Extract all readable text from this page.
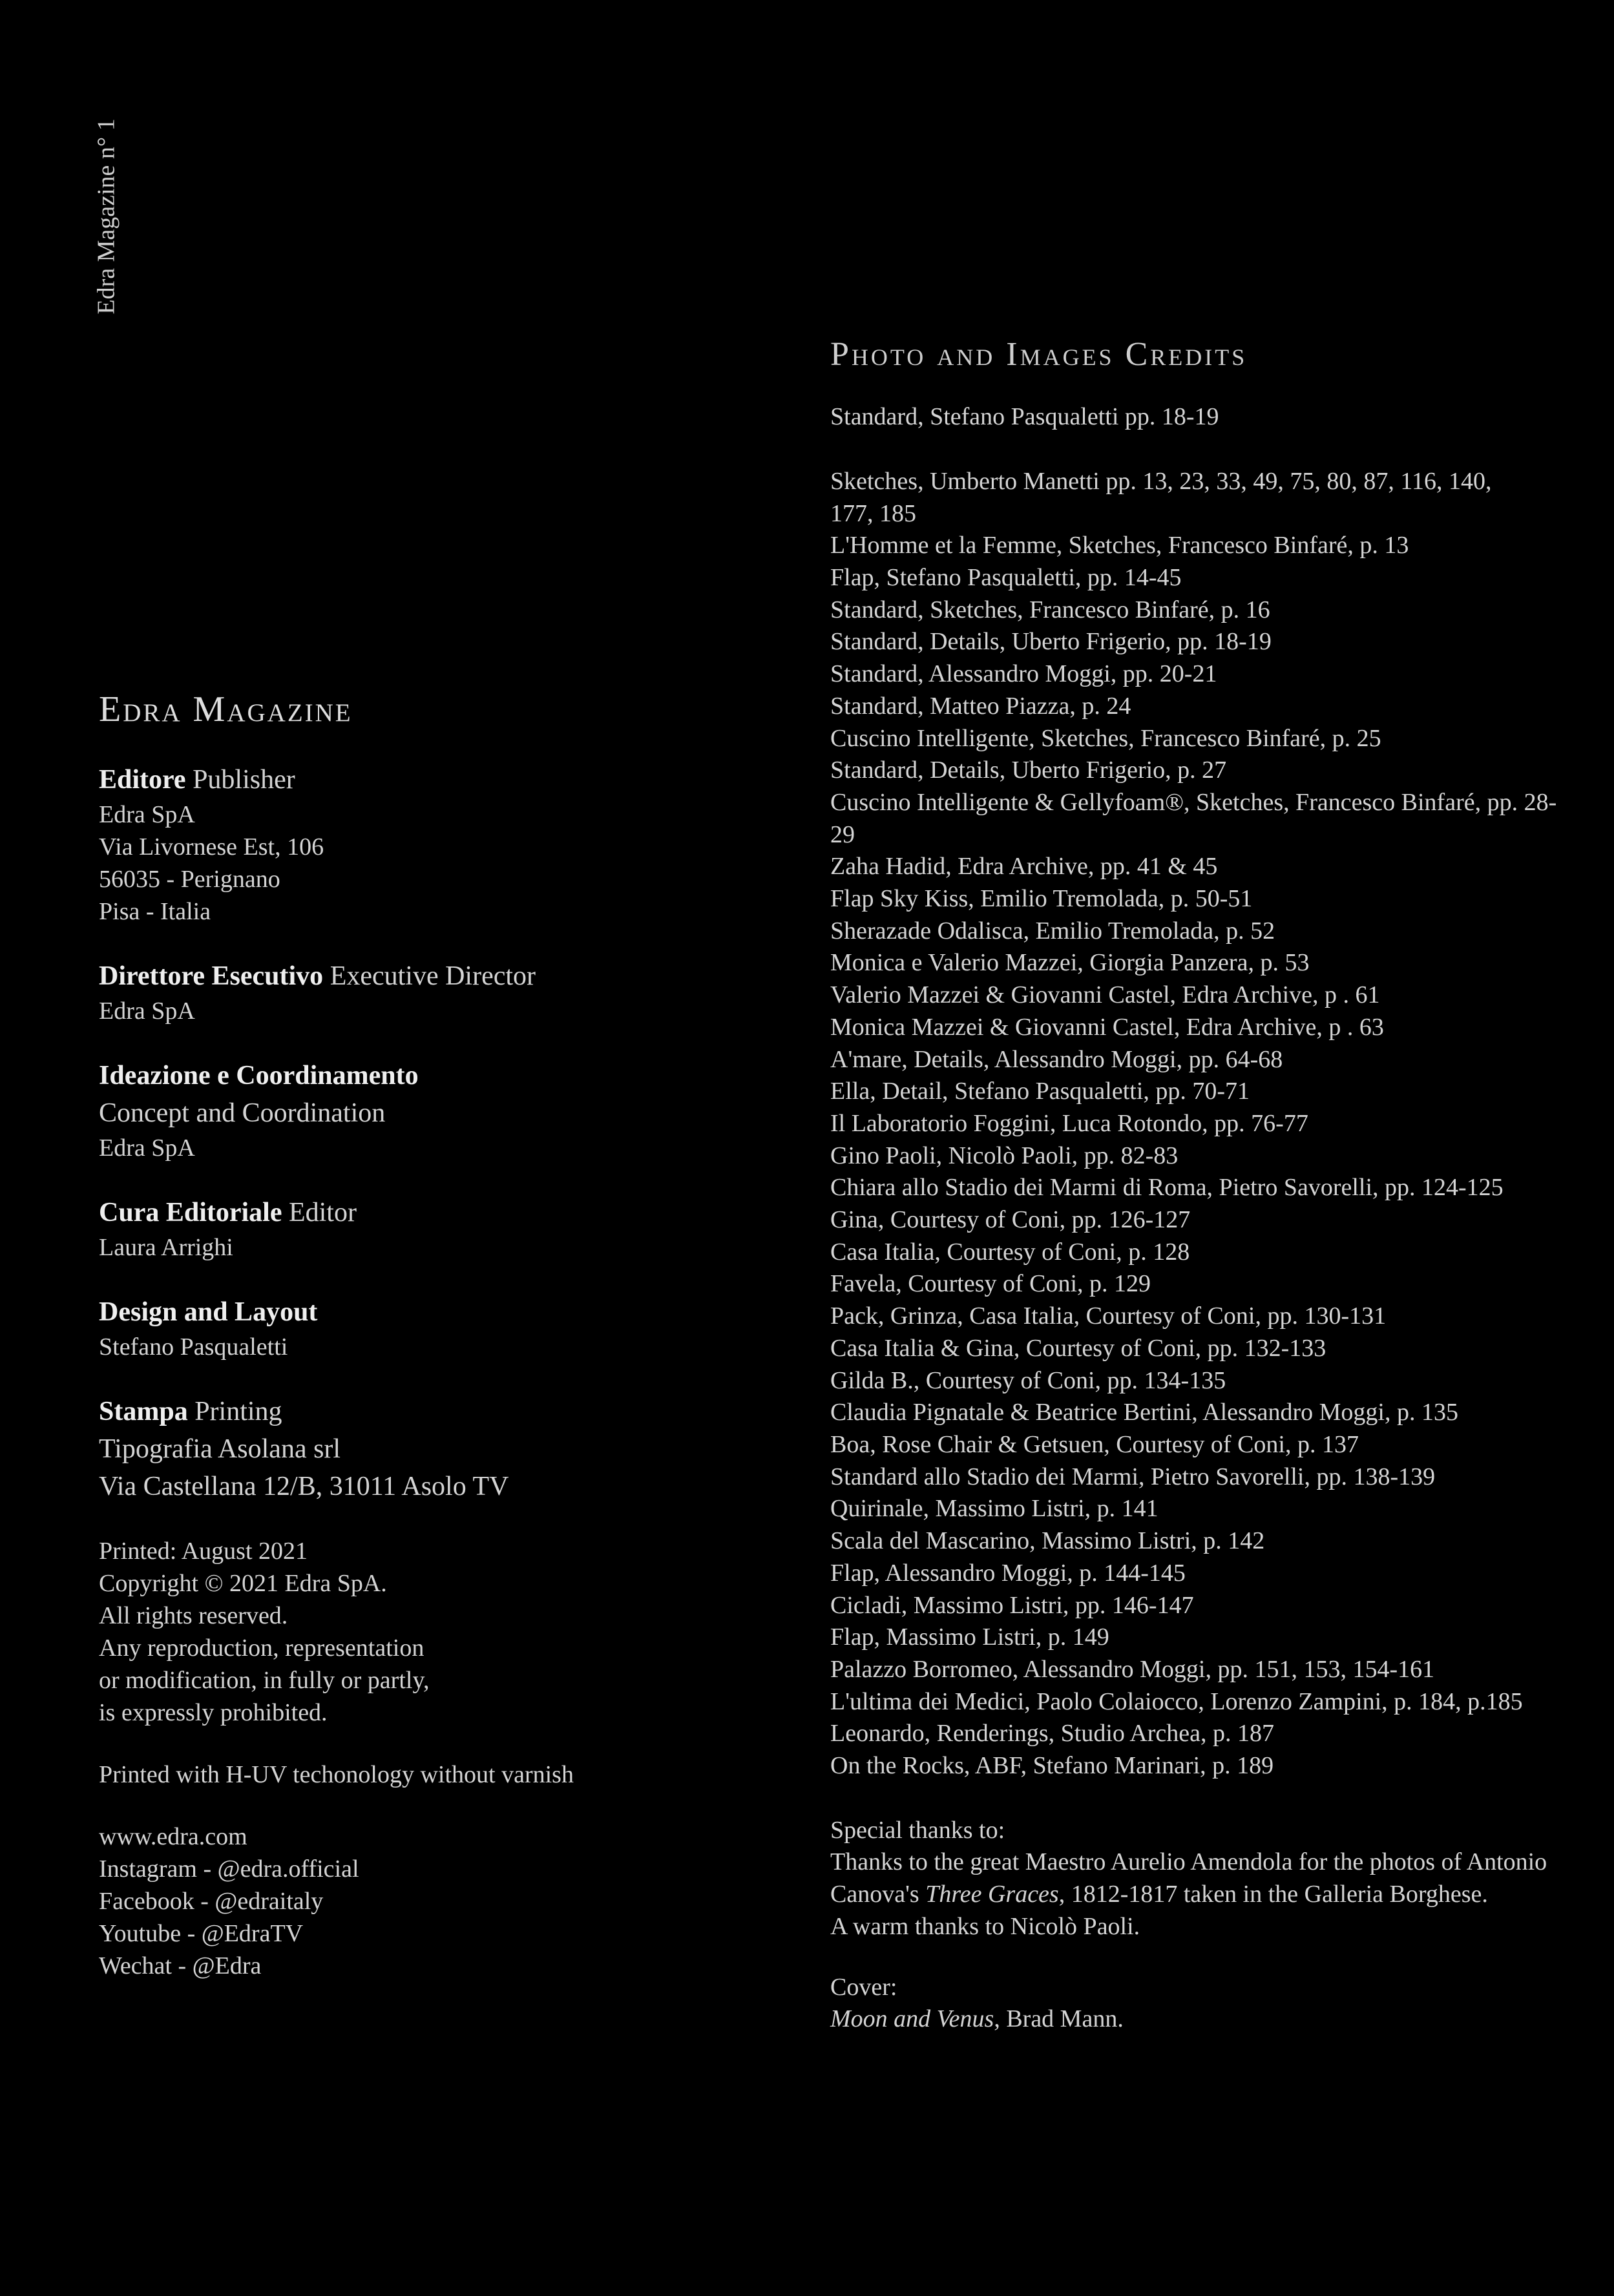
Edra Magazine n° 1
Edra Magazine
Editore Publisher
Edra SpA
Via Livornese Est, 106
56035 - Perignano
Pisa - Italia
Direttore Esecutivo Executive Director
Edra SpA
Ideazione e Coordinamento
Concept and Coordination
Edra SpA
Cura Editoriale Editor
Laura Arrighi
Design and Layout
Stefano Pasqualetti
Stampa Printing
Tipografia Asolana srl
Via Castellana 12/B, 31011 Asolo TV
Printed: August 2021
Copyright © 2021 Edra SpA.
All rights reserved.
Any reproduction, representation
or modification, in fully or partly,
is expressly prohibited.
Printed with H-UV techonology without varnish
www.edra.com
Instagram - @edra.official
Facebook - @edraitaly
Youtube - @EdraTV
Wechat - @Edra
Photo and Images Credits
Standard, Stefano Pasqualetti pp. 18-19
Sketches, Umberto Manetti pp. 13, 23, 33, 49, 75, 80, 87, 116, 140,
177, 185
L'Homme et la Femme, Sketches, Francesco Binfaré, p. 13
Flap, Stefano Pasqualetti, pp. 14-45
Standard, Sketches, Francesco Binfaré, p. 16
Standard, Details, Uberto Frigerio, pp. 18-19
Standard, Alessandro Moggi, pp. 20-21
Standard, Matteo Piazza, p. 24
Cuscino Intelligente, Sketches, Francesco Binfaré, p. 25
Standard, Details, Uberto Frigerio, p. 27
Cuscino Intelligente & Gellyfoam®, Sketches, Francesco Binfaré, pp. 28-29
Zaha Hadid, Edra Archive, pp. 41 & 45
Flap Sky Kiss, Emilio Tremolada, p. 50-51
Sherazade Odalisca, Emilio Tremolada, p. 52
Monica e Valerio Mazzei, Giorgia Panzera, p. 53
Valerio Mazzei & Giovanni Castel, Edra Archive, p . 61
Monica Mazzei & Giovanni Castel, Edra Archive, p . 63
A'mare, Details, Alessandro Moggi, pp. 64-68
Ella, Detail, Stefano Pasqualetti, pp. 70-71
Il Laboratorio Foggini, Luca Rotondo, pp. 76-77
Gino Paoli, Nicolò Paoli, pp. 82-83
Chiara allo Stadio dei Marmi di Roma, Pietro Savorelli, pp. 124-125
Gina, Courtesy of Coni, pp. 126-127
Casa Italia, Courtesy of Coni, p. 128
Favela, Courtesy of Coni, p. 129
Pack, Grinza, Casa Italia, Courtesy of Coni, pp. 130-131
Casa Italia & Gina, Courtesy of Coni, pp. 132-133
Gilda B., Courtesy of Coni, pp. 134-135
Claudia Pignatale & Beatrice Bertini, Alessandro Moggi, p. 135
Boa, Rose Chair & Getsuen, Courtesy of Coni, p. 137
Standard allo Stadio dei Marmi, Pietro Savorelli, pp. 138-139
Quirinale, Massimo Listri, p. 141
Scala del Mascarino, Massimo Listri, p. 142
Flap, Alessandro Moggi, p. 144-145
Cicladi, Massimo Listri, pp. 146-147
Flap, Massimo Listri, p. 149
Palazzo Borromeo, Alessandro Moggi, pp. 151, 153, 154-161
L'ultima dei Medici, Paolo Colaiocco, Lorenzo Zampini, p. 184, p.185
Leonardo, Renderings, Studio Archea, p. 187
On the Rocks, ABF, Stefano Marinari, p. 189
Special thanks to:
Thanks to the great Maestro Aurelio Amendola for the photos of Antonio
Canova's Three Graces, 1812-1817 taken in the Galleria Borghese.
A warm thanks to Nicolò Paoli.
Cover:
Moon and Venus, Brad Mann.
